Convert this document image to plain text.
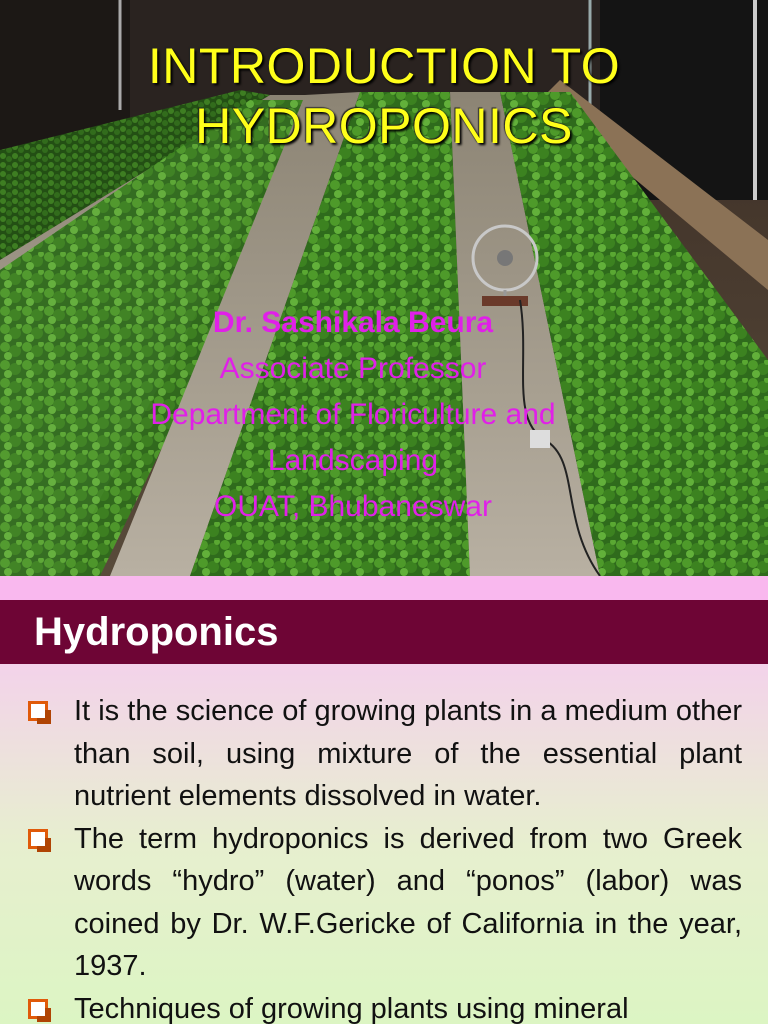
INTRODUCTION TO
HYDROPONICS
Dr. Sashikala Beura
Associate Professor
Department of Floriculture and
Landscaping
OUAT, Bhubaneswar
Hydroponics
It is the science of growing plants in a medium other than soil, using mixture of the essential plant nutrient elements dissolved in water.
The term hydroponics is derived from two Greek words “hydro” (water) and “ponos” (labor) was coined by Dr. W.F.Gericke of California in the year, 1937.
Techniques of growing plants using mineral
